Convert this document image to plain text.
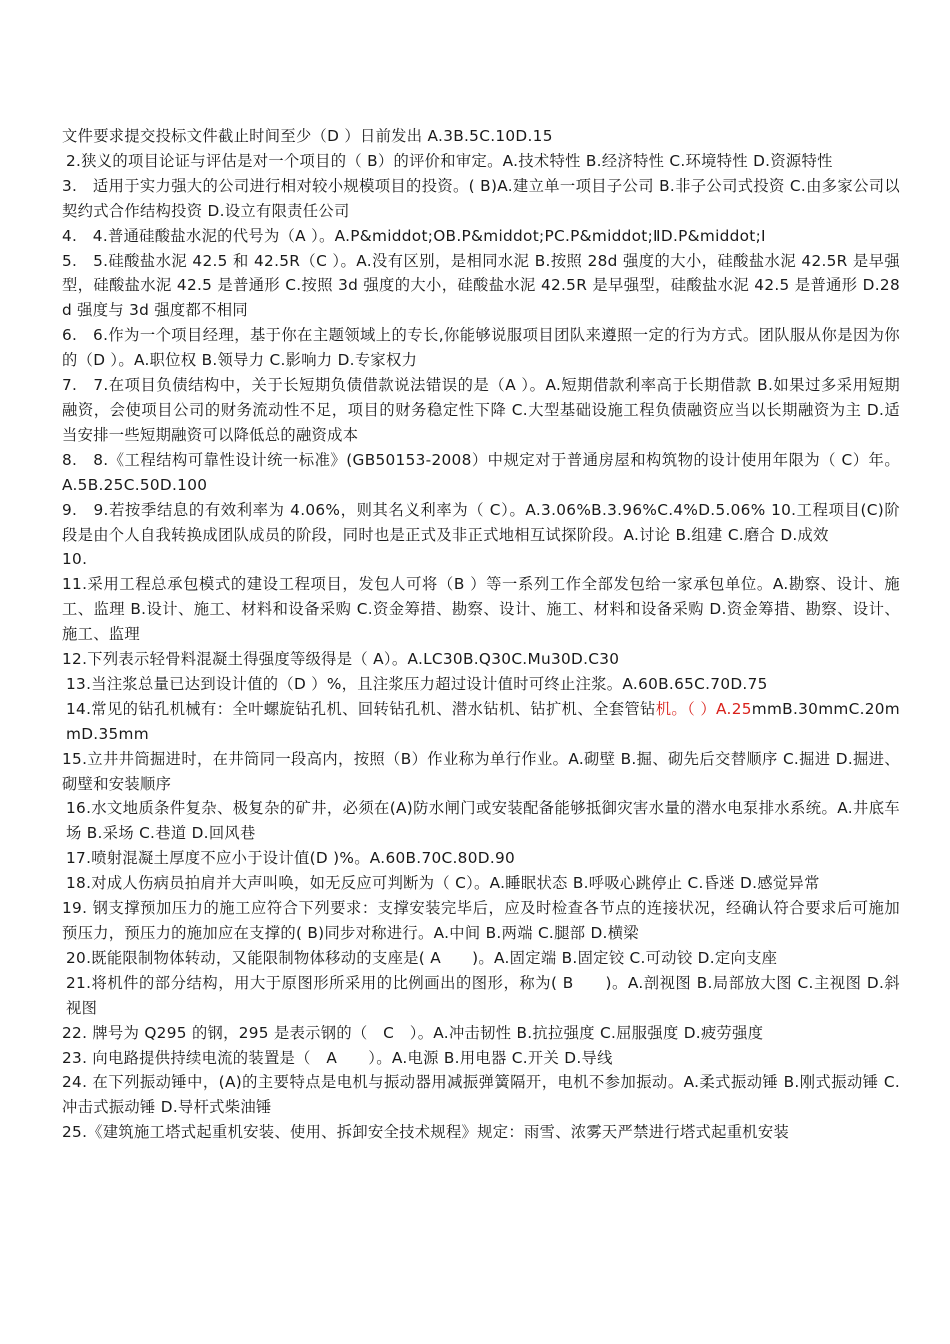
文件要求提交投标文件截止时间至少（D ）日前发出 A.3B.5C.10D.15

2.狭义的项目论证与评估是对一个项目的（ B）的评价和审定。A.技术特性 B.经济特性 C.环境特性 D.资源特性

3.　适用于实力强大的公司进行相对较小规模项目的投资。( B)A.建立单一项目子公司 B.非子公司式投资 C.由多家公司以契约式合作结构投资 D.设立有限责任公司

4.　4.普通硅酸盐水泥的代号为（A ）。A.P&middot;OB.P&middot;PC.P&middot;ⅡD.P&middot;Ⅰ

5.　5.硅酸盐水泥 42.5 和 42.5R（C ）。A.没有区别，是相同水泥 B.按照 28d 强度的大小，硅酸盐水泥 42.5R 是早强型，硅酸盐水泥 42.5 是普通形 C.按照 3d 强度的大小，硅酸盐水泥 42.5R 是早强型，硅酸盐水泥 42.5 是普通形 D.28d 强度与 3d 强度都不相同

6.　6.作为一个项目经理，基于你在主题领域上的专长,你能够说服项目团队来遵照一定的行为方式。团队服从你是因为你的（D ）。A.职位权 B.领导力 C.影响力 D.专家权力

7.　7.在项目负债结构中，关于长短期负债借款说法错误的是（A ）。A.短期借款利率高于长期借款 B.如果过多采用短期融资，会使项目公司的财务流动性不足，项目的财务稳定性下降 C.大型基础设施工程负债融资应当以长期融资为主 D.适当安排一些短期融资可以降低总的融资成本

8.　8.《工程结构可靠性设计统一标准》(GB50153-2008）中规定对于普通房屋和构筑物的设计使用年限为（ C）年。A.5B.25C.50D.100

9.　9.若按季结息的有效利率为 4.06%，则其名义利率为（ C）。A.3.06%B.3.96%C.4%D.5.06% 10.工程项目(C)阶段是由个人自我转换成团队成员的阶段，同时也是正式及非正式地相互试探阶段。A.讨论 B.组建 C.磨合 D.成效

10.

11.采用工程总承包模式的建设工程项目，发包人可将（B ）等一系列工作全部发包给一家承包单位。A.勘察、设计、施工、监理 B.设计、施工、材料和设备采购 C.资金筹措、勘察、设计、施工、材料和设备采购 D.资金筹措、勘察、设计、施工、监理

12.下列表示轻骨料混凝土得强度等级得是（ A）。A.LC30B.Q30C.Mu30D.C30

13.当注浆总量已达到设计值的（D ）%，且注浆压力超过设计值时可终止注浆。A.60B.65C.70D.75

14.常见的钻孔机械有：全叶螺旋钻孔机、回转钻孔机、潜水钻机、钻扩机、全套管钻机。（ ）A.25mmB.30mmC.20mmD.35mm

15.立井井筒掘进时，在井筒同一段高内，按照（B）作业称为单行作业。A.砌壁 B.掘、砌先后交替顺序 C.掘进 D.掘进、砌壁和安装顺序

16.水文地质条件复杂、极复杂的矿井，必须在(A)防水闸门或安装配备能够抵御灾害水量的潜水电泵排水系统。A.井底车场 B.采场 C.巷道 D.回风巷

17.喷射混凝土厚度不应小于设计值(D )%。A.60B.70C.80D.90

18.对成人伤病员拍肩并大声叫唤，如无反应可判断为（ C）。A.睡眠状态 B.呼吸心跳停止 C.昏迷 D.感觉异常

19. 钢支撑预加压力的施工应符合下列要求：支撑安装完毕后，应及时检查各节点的连接状况，经确认符合要求后可施加预压力，预压力的施加应在支撑的( B)同步对称进行。A.中间 B.两端 C.腿部 D.横梁

20.既能限制物体转动，又能限制物体移动的支座是( A　　)。A.固定端 B.固定铰 C.可动铰 D.定向支座

21.将机件的部分结构，用大于原图形所采用的比例画出的图形，称为( B　　)。A.剖视图 B.局部放大图 C.主视图 D.斜视图

22. 牌号为 Q295 的钢，295 是表示钢的（　C　）。A.冲击韧性 B.抗拉强度 C.屈服强度 D.疲劳强度

23. 向电路提供持续电流的装置是（　A　　）。A.电源 B.用电器 C.开关 D.导线

24. 在下列振动锤中，(A)的主要特点是电机与振动器用减振弹簧隔开，电机不参加振动。A.柔式振动锤 B.刚式振动锤 C.冲击式振动锤 D.导杆式柴油锤

25.《建筑施工塔式起重机安装、使用、拆卸安全技术规程》规定：雨雪、浓雾天严禁进行塔式起重机安装
